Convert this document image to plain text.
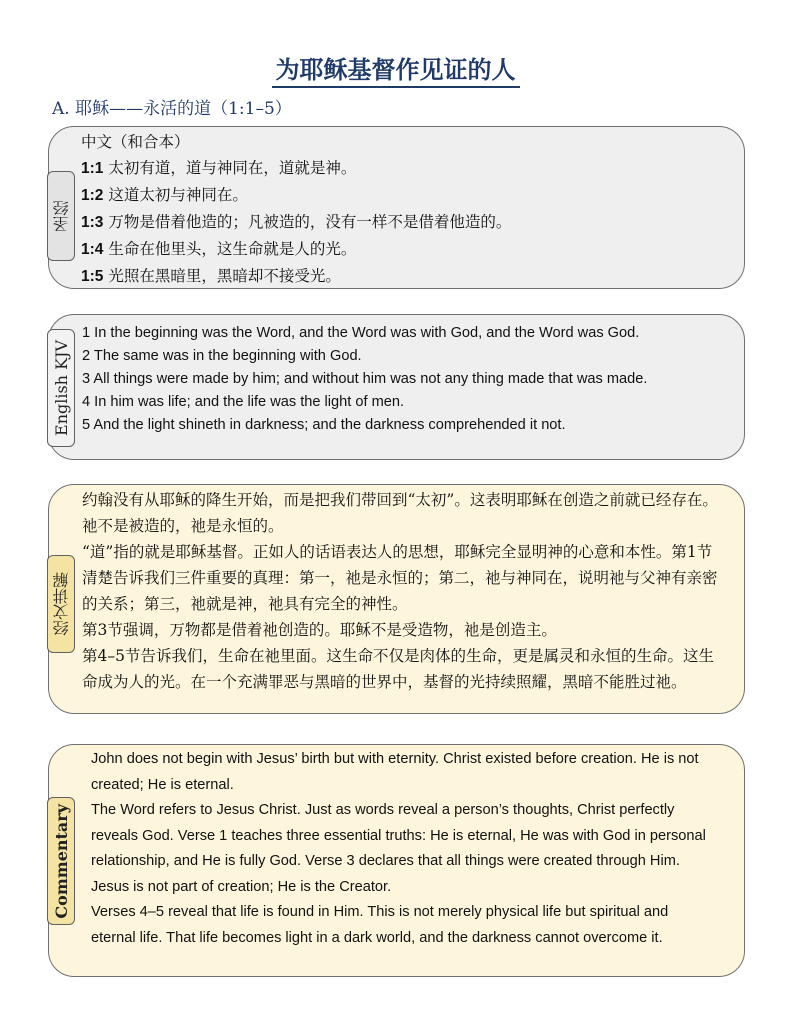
为耶稣基督作见证的人
A. 耶稣——永活的道（1:1–5）
圣经
中文（和合本）
1:1 太初有道，道与神同在，道就是神。
1:2 这道太初与神同在。
1:3 万物是借着他造的；凡被造的，没有一样不是借着他造的。
1:4 生命在他里头，这生命就是人的光。
1:5 光照在黑暗里，黑暗却不接受光。
English KJV
1 In the beginning was the Word, and the Word was with God, and the Word was God.
2 The same was in the beginning with God.
3 All things were made by him; and without him was not any thing made that was made.
4 In him was life; and the life was the light of men.
5 And the light shineth in darkness; and the darkness comprehended it not.
经文讲解

约翰没有从耶稣的降生开始，而是把我们带回到“太初”。这表明耶稣在创造之前就已经存在。祂不是被造的，祂是永恒的。

“道”指的就是耶稣基督。正如人的话语表达人的思想，耶稣完全显明神的心意和本性。第1节清楚告诉我们三件重要的真理：第一，祂是永恒的；第二，祂与神同在，说明祂与父神有亲密的关系；第三，祂就是神，祂具有完全的神性。

第3节强调，万物都是借着祂创造的。耶稣不是受造物，祂是创造主。

第4–5节告诉我们，生命在祂里面。这生命不仅是肉体的生命，更是属灵和永恒的生命。这生命成为人的光。在一个充满罪恶与黑暗的世界中，基督的光持续照耀，黑暗不能胜过祂。

Commentary

John does not begin with Jesus’ birth but with eternity. Christ existed before creation. He is not created; He is eternal.

The Word refers to Jesus Christ. Just as words reveal a person’s thoughts, Christ perfectly reveals God. Verse 1 teaches three essential truths: He is eternal, He was with God in personal relationship, and He is fully God. Verse 3 declares that all things were created through Him. Jesus is not part of creation; He is the Creator.

Verses 4–5 reveal that life is found in Him. This is not merely physical life but spiritual and eternal life. That life becomes light in a dark world, and the darkness cannot overcome it.
